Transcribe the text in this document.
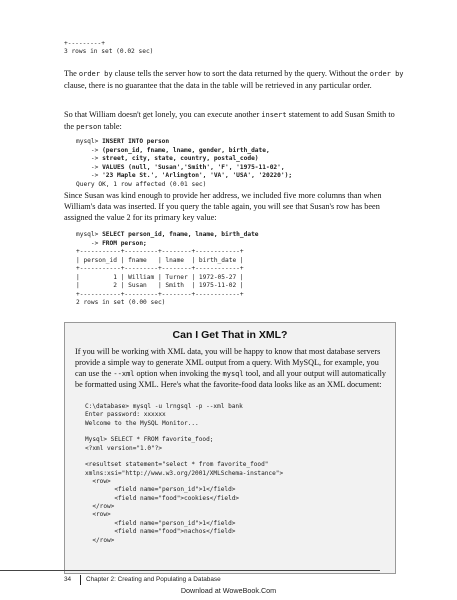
+---------+
3 rows in set (0.02 sec)

The order by clause tells the server how to sort the data returned by the query. Without the order by clause, there is no guarantee that the data in the table will be retrieved in any particular order.

So that William doesn't get lonely, you can execute another insert statement to add Susan Smith to the person table:

mysql> INSERT INTO person
-> (person_id, fname, lname, gender, birth_date,
-> street, city, state, country, postal_code)
-> VALUES (null, 'Susan','Smith', 'F', '1975-11-02',
-> '23 Maple St.', 'Arlington', 'VA', 'USA', '20220');
Query OK, 1 row affected (0.01 sec)

Since Susan was kind enough to provide her address, we included five more columns than when William's data was inserted. If you query the table again, you will see that Susan's row has been assigned the value 2 for its primary key value:

mysql> SELECT person_id, fname, lname, birth_date
-> FROM person;
+-----------+---------+--------+------------+
| person_id | fname   | lname  | birth_date |
+-----------+---------+--------+------------+
|         1 | William | Turner | 1972-05-27 |
|         2 | Susan   | Smith  | 1975-11-02 |
+-----------+---------+--------+------------+
2 rows in set (0.00 sec)
Can I Get That in XML?

If you will be working with XML data, you will be happy to know that most database servers provide a simple way to generate XML output from a query. With MySQL, for example, you can use the --xml option when invoking the mysql tool, and all your output will automatically be formatted using XML. Here's what the favorite-food data looks like as an XML document:

C:\database> mysql -u lrngsql -p --xml bank
Enter password: xxxxxx
Welcome to the MySQL Monitor...

Mysql> SELECT * FROM favorite_food;
<?xml version="1.0"?>

<resultset statement="select * from favorite_food"
xmlns:xsi="http://www.w3.org/2001/XMLSchema-instance">
<row>
<field name="person_id">1</field>
<field name="food">cookies</field>
</row>
<row>
<field name="person_id">1</field>
<field name="food">nachos</field>
</row>
34 Chapter 2: Creating and Populating a Database
Download at WoweBook.Com
